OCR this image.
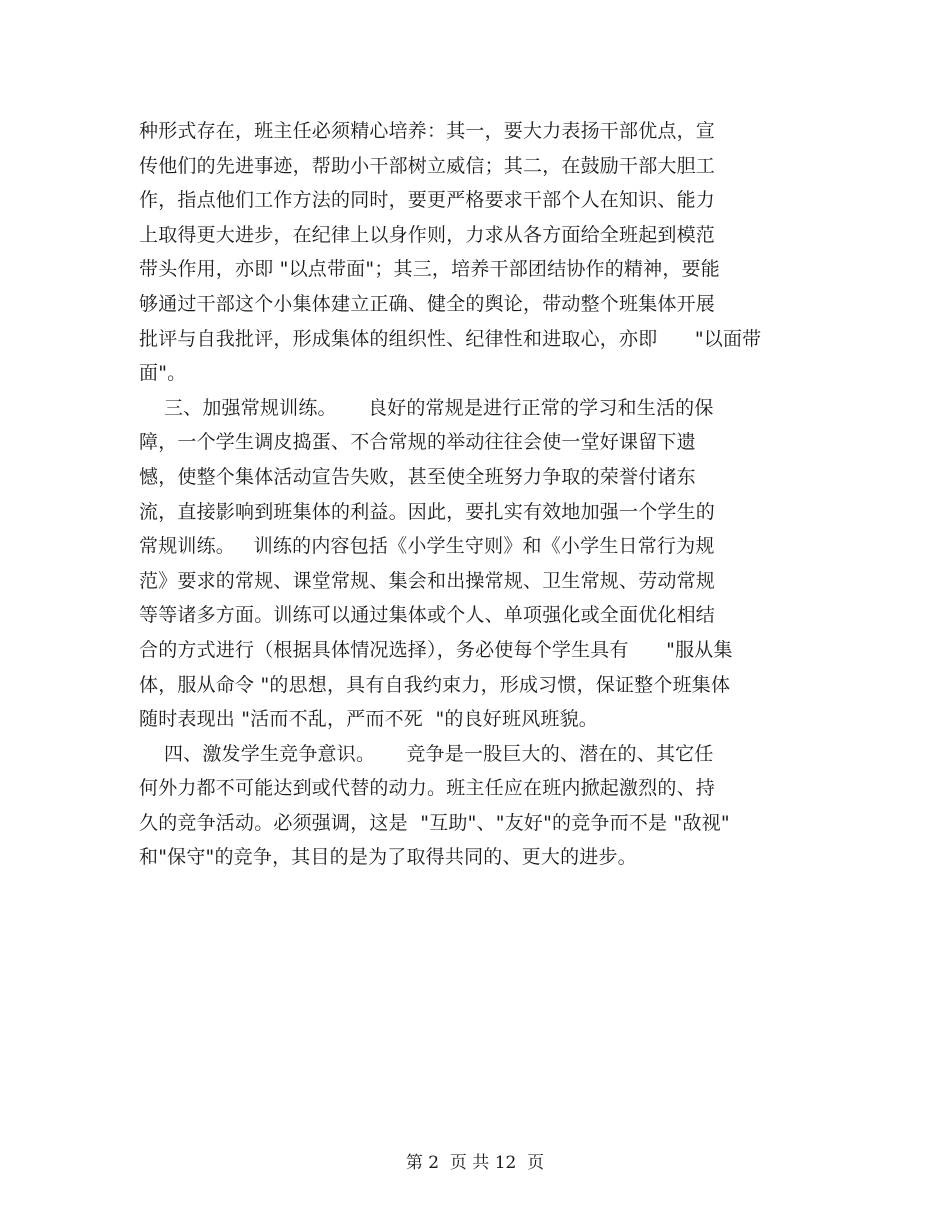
种形式存在，班主任必须精心培养：其一，要大力表扬干部优点，宣
传他们的先进事迹，帮助小干部树立威信；其二，在鼓励干部大胆工
作，指点他们工作方法的同时，要更严格要求干部个人在知识、能力
上取得更大进步，在纪律上以身作则，力求从各方面给全班起到模范
带头作用，亦即 "以点带面"；其三，培养干部团结协作的精神，要能
够通过干部这个小集体建立正确、健全的舆论，带动整个班集体开展
批评与自我批评，形成集体的组织性、纪律性和进取心，亦即      "以面带
面"。
三、加强常规训练。     良好的常规是进行正常的学习和生活的保
障，一个学生调皮捣蛋、不合常规的举动往往会使一堂好课留下遗
憾，使整个集体活动宣告失败，甚至使全班努力争取的荣誉付诸东
流，直接影响到班集体的利益。因此，要扎实有效地加强一个学生的
常规训练。   训练的内容包括《小学生守则》和《小学生日常行为规
范》要求的常规、课堂常规、集会和出操常规、卫生常规、劳动常规
等等诸多方面。训练可以通过集体或个人、单项强化或全面优化相结
合的方式进行（根据具体情况选择），务必使每个学生具有      "服从集
体，服从命令 "的思想，具有自我约束力，形成习惯，保证整个班集体
随时表现出 "活而不乱，严而不死  "的良好班风班貌。
四、激发学生竞争意识。     竞争是一股巨大的、潜在的、其它任
何外力都不可能达到或代替的动力。班主任应在班内掀起激烈的、持
久的竞争活动。必须强调，这是  "互助"、"友好"的竞争而不是 "敌视"
和"保守"的竞争，其目的是为了取得共同的、更大的进步。
第 2  页 共 12  页
